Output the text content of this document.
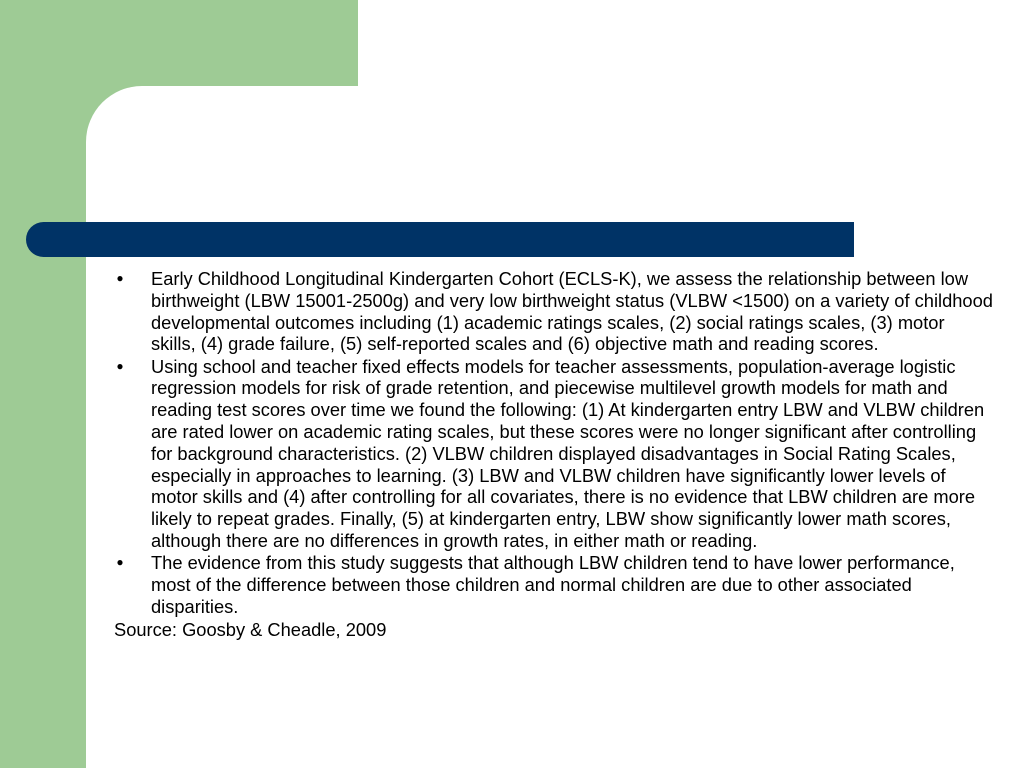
● Early Childhood Longitudinal Kindergarten Cohort (ECLS-K), we assess the relationship between low birthweight (LBW 15001-2500g) and very low birthweight status (VLBW <1500) on a variety of childhood developmental outcomes including (1) academic ratings scales, (2) social ratings scales, (3) motor skills, (4) grade failure, (5) self-reported scales and (6) objective math and reading scores.
● Using school and teacher fixed effects models for teacher assessments, population-average logistic regression models for risk of grade retention, and piecewise multilevel growth models for math and reading test scores over time we found the following: (1) At kindergarten entry LBW and VLBW children are rated lower on academic rating scales, but these scores were no longer significant after controlling for background characteristics. (2) VLBW children displayed disadvantages in Social Rating Scales, especially in approaches to learning. (3) LBW and VLBW children have significantly lower levels of motor skills and (4) after controlling for all covariates, there is no evidence that LBW children are more likely to repeat grades. Finally, (5) at kindergarten entry, LBW show significantly lower math scores, although there are no differences in growth rates, in either math or reading.
● The evidence from this study suggests that although LBW children tend to have lower performance, most of the difference between those children and normal children are due to other associated disparities.
Source: Goosby & Cheadle, 2009
